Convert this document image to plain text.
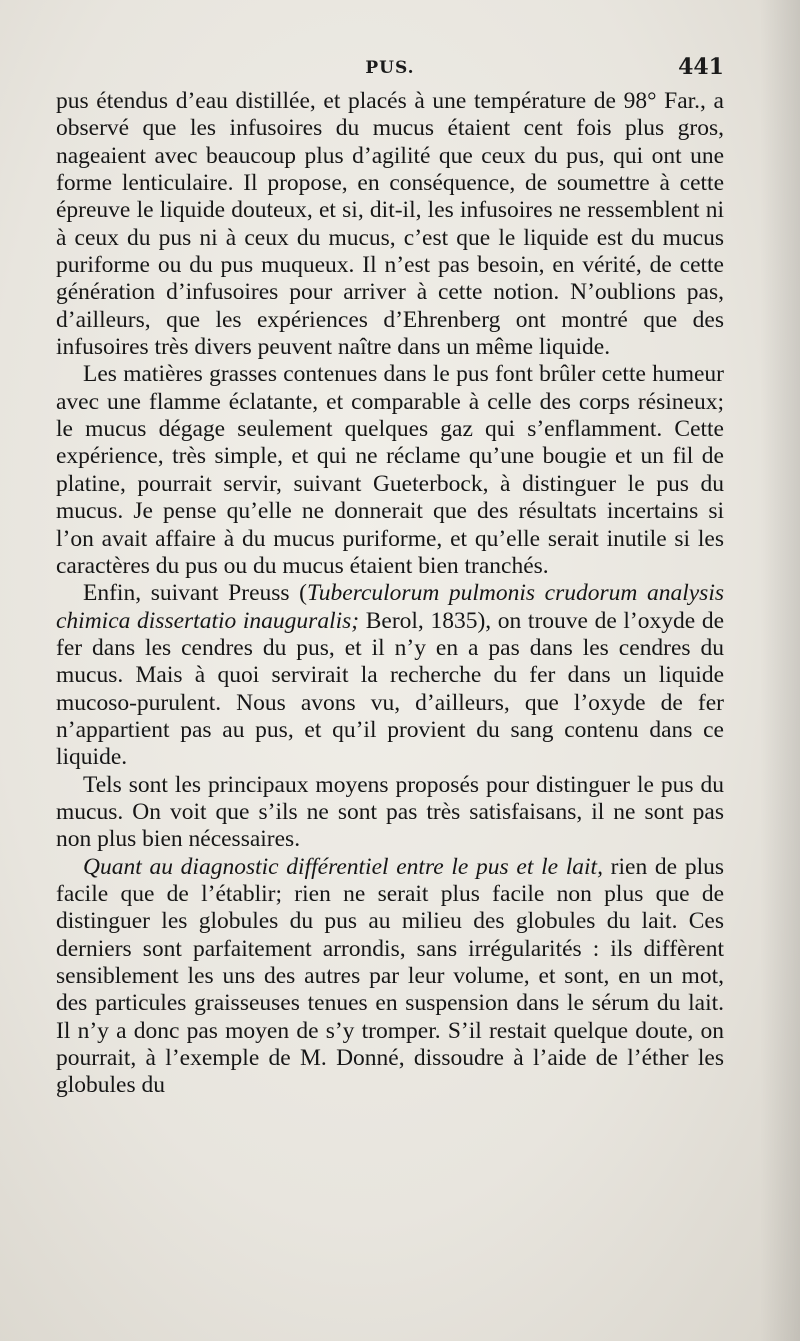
PUS.	441

pus étendus d’eau distillée, et placés à une température de 98° Far., a observé que les infusoires du mucus étaient cent fois plus gros, nageaient avec beaucoup plus d’agilité que ceux du pus, qui ont une forme lenticulaire. Il propose, en conséquence, de soumettre à cette épreuve le liquide douteux, et si, dit-il, les infusoires ne ressemblent ni à ceux du pus ni à ceux du mucus, c’est que le liquide est du mucus puriforme ou du pus muqueux. Il n’est pas besoin, en vérité, de cette génération d’infusoires pour arriver à cette notion. N’oublions pas, d’ailleurs, que les expériences d’Ehrenberg ont montré que des infusoires très divers peuvent naître dans un même liquide.

Les matières grasses contenues dans le pus font brûler cette humeur avec une flamme éclatante, et comparable à celle des corps résineux; le mucus dégage seulement quelques gaz qui s’enflamment. Cette expérience, très simple, et qui ne réclame qu’une bougie et un fil de platine, pourrait servir, suivant Gueterbock, à distinguer le pus du mucus. Je pense qu’elle ne donnerait que des résultats incertains si l’on avait affaire à du mucus puriforme, et qu’elle serait inutile si les caractères du pus ou du mucus étaient bien tranchés.

Enfin, suivant Preuss (Tuberculorum pulmonis crudorum analysis chimica dissertatio inauguralis; Berol, 1835), on trouve de l’oxyde de fer dans les cendres du pus, et il n’y en a pas dans les cendres du mucus. Mais à quoi servirait la recherche du fer dans un liquide mucoso-purulent. Nous avons vu, d’ailleurs, que l’oxyde de fer n’appartient pas au pus, et qu’il provient du sang contenu dans ce liquide.

Tels sont les principaux moyens proposés pour distinguer le pus du mucus. On voit que s’ils ne sont pas très satisfaisans, il ne sont pas non plus bien nécessaires.

Quant au diagnostic différentiel entre le pus et le lait, rien de plus facile que de l’établir; rien ne serait plus facile non plus que de distinguer les globules du pus au milieu des globules du lait. Ces derniers sont parfaitement arrondis, sans irrégularités : ils diffèrent sensiblement les uns des autres par leur volume, et sont, en un mot, des particules graisseuses tenues en suspension dans le sérum du lait. Il n’y a donc pas moyen de s’y tromper. S’il restait quelque doute, on pourrait, à l’exemple de M. Donné, dissoudre à l’aide de l’éther les globules du
